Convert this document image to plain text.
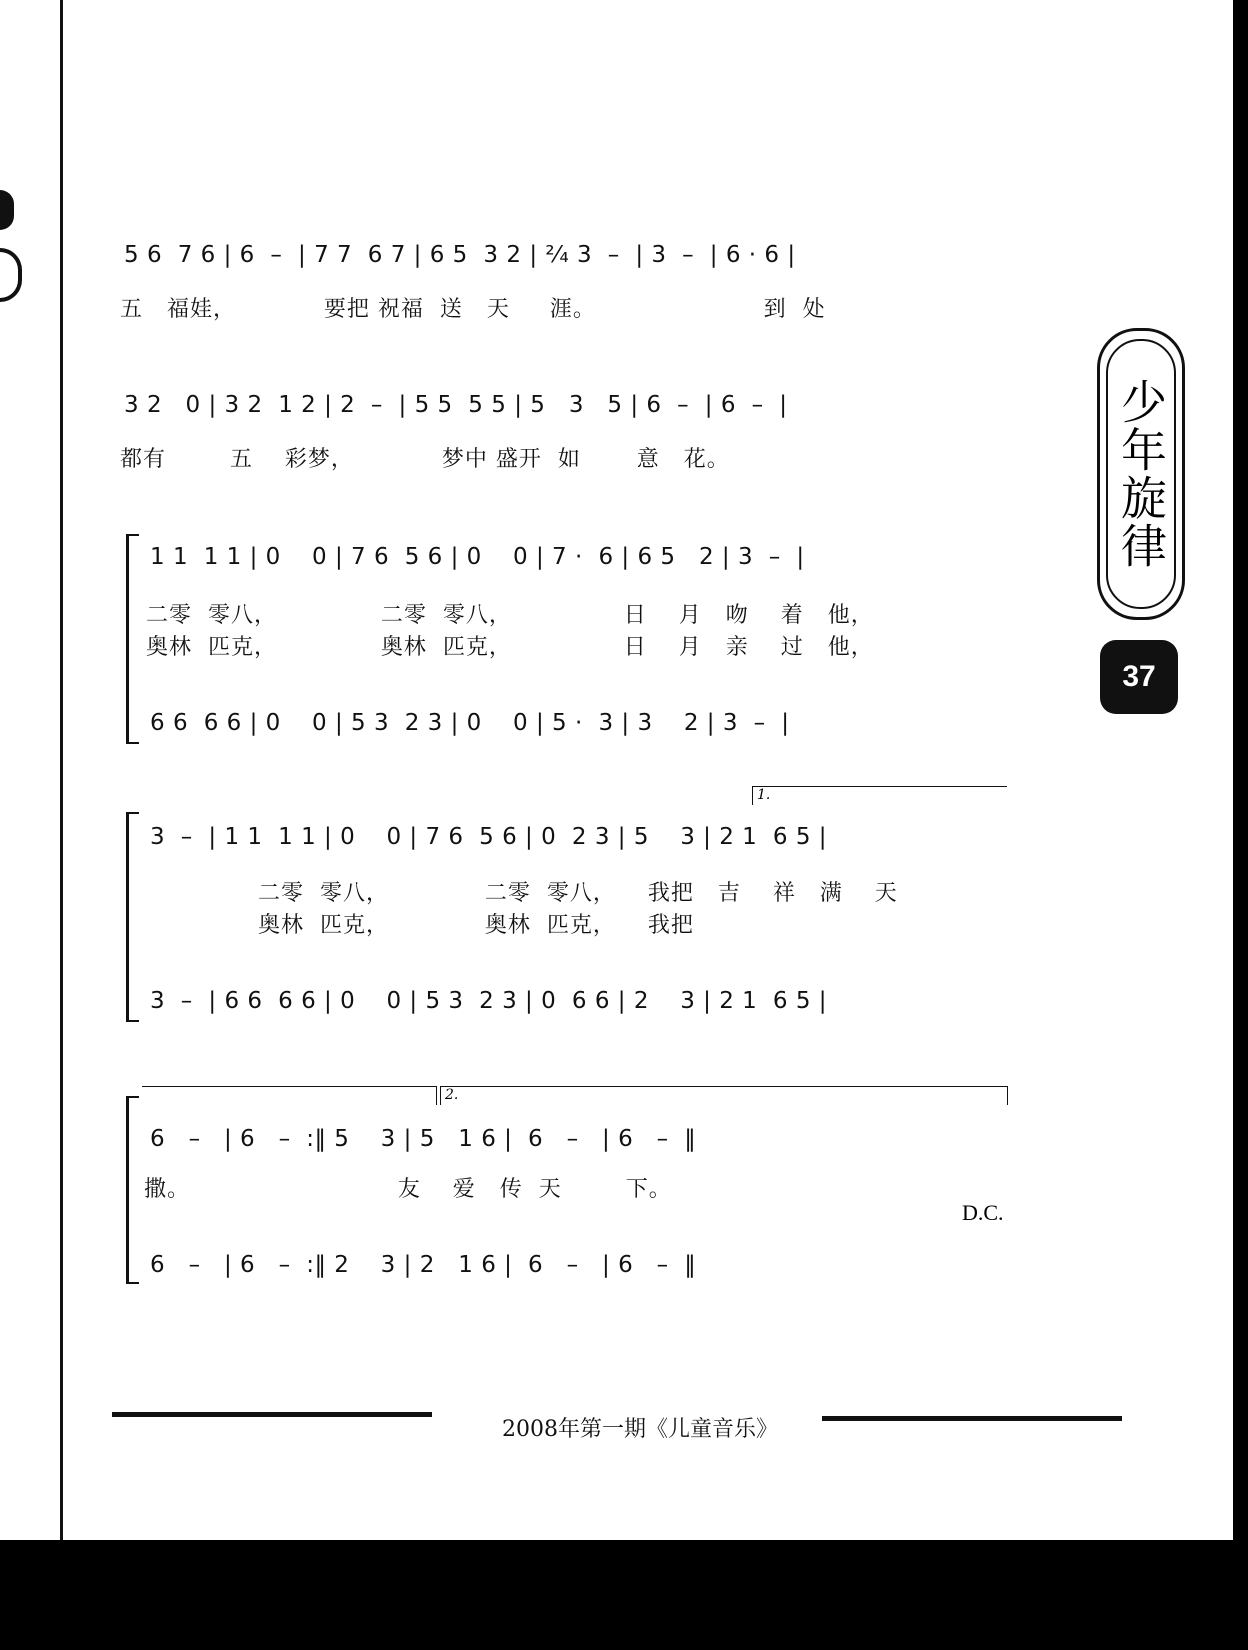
5 6  7 6 | 6  –  | 7 7  6 7 | 6 5  3 2 | ²⁄₄ 3  –  | 3  –  | 6 · 6 |
五   福娃，           要把 祝福  送   天     涯。                     到  处
3 2   0 | 3 2  1 2 | 2  –  | 5 5  5 5 | 5   3   5 | 6  –  | 6  –  |
都有        五    彩梦，           梦中 盛开  如       意   花。
1 1  1 1 | 0    0 | 7 6  5 6 | 0    0 | 7 ·  6 | 6 5   2 | 3  –  |
二零  零八，             二零  零八，              日    月   吻    着   他，
奥林  匹克，             奥林  匹克，              日    月   亲    过   他，
6 6  6 6 | 0    0 | 5 3  2 3 | 0    0 | 5 ·  3 | 3    2 | 3  –  |
1.
3  –  | 1 1  1 1 | 0    0 | 7 6  5 6 | 0  2 3 | 5    3 | 2 1  6 5 |
二零  零八，            二零  零八，    我把   吉    祥   满    天
奥林  匹克，            奥林  匹克，    我把
3  –  | 6 6  6 6 | 0    0 | 5 3  2 3 | 0  6 6 | 2    3 | 2 1  6 5 |
2.
6   –   | 6   –  :‖ 5    3 | 5   1 6 |  6   –   | 6   –  ‖
撒。                          友    爱   传  天        下。
D.C.
6   –   | 6   –  :‖ 2    3 | 2   1 6 |  6   –   | 6   –  ‖
少年旋律
37
2008年第一期《儿童音乐》
